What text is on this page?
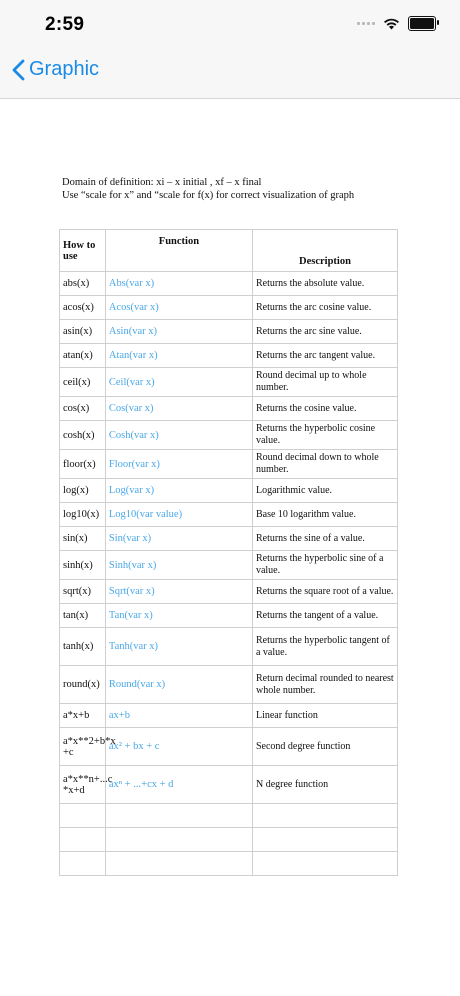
2:59
Graphic
Domain of definition: xi – x initial , xf – x final
Use “scale for x” and “scale for f(x) for correct visualization of graph
How to use	Function	Description
abs(x)	Abs(var x)	Returns the absolute value.
acos(x)	Acos(var x)	Returns the arc cosine value.
asin(x)	Asin(var x)	Returns the arc sine value.
atan(x)	Atan(var x)	Returns the arc tangent value.
ceil(x)	Ceil(var x)	Round decimal up to whole number.
cos(x)	Cos(var x)	Returns the cosine value.
cosh(x)	Cosh(var x)	Returns the hyperbolic cosine value.
floor(x)	Floor(var x)	Round decimal down to whole number.
log(x)	Log(var x)	Logarithmic value.
log10(x)	Log10(var value)	Base 10 logarithm value.
sin(x)	Sin(var x)	Returns the sine of a value.
sinh(x)	Sinh(var x)	Returns the hyperbolic sine of a value.
sqrt(x)	Sqrt(var x)	Returns the square root of a value.
tan(x)	Tan(var x)	Returns the tangent of a value.
tanh(x)	Tanh(var x)	Returns the hyperbolic tangent of a value.
round(x)	Round(var x)	Return decimal rounded to nearest whole number.
a*x+b	ax+b	Linear function
a*x**2+b*x +c	ax² + bx + c	Second degree function
a*x**n+...c *x+d	axⁿ + ...+cx + d	N degree function
